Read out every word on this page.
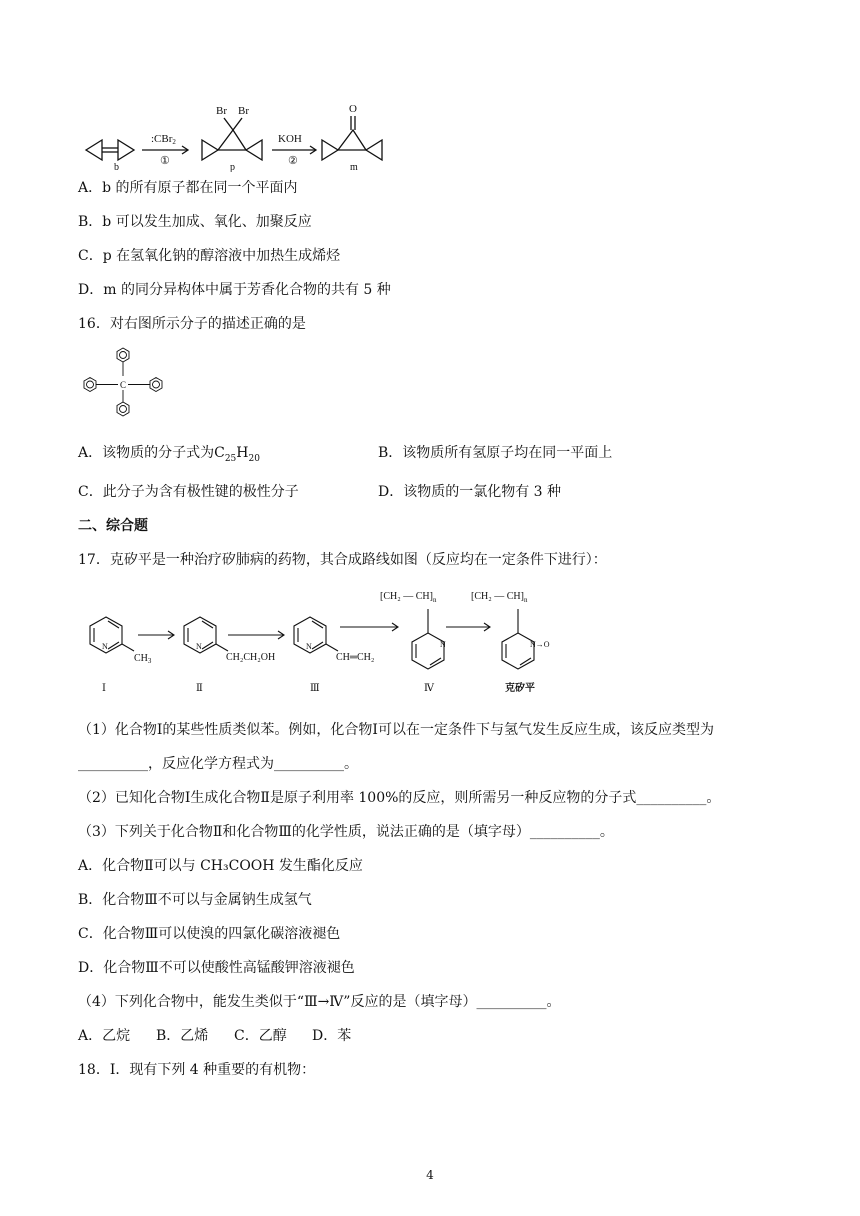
:CBr2
①
KOH
②
Br Br	O
b	p	m
A．b 的所有原子都在同一个平面内
B．b 可以发生加成、氧化、加聚反应
C．p 在氢氧化钠的醇溶液中加热生成烯烃
D．m 的同分异构体中属于芳香化合物的共有 5 种
16．对右图所示分子的描述正确的是
C
A．该物质的分子式为$C_{25}H_{20}$	B．该物质所有氢原子均在同一平面上
C．此分子为含有极性键的极性分子	D．该物质的一氯化物有 3 种
二、综合题
17．克矽平是一种治疗矽肺病的药物，其合成路线如图（反应均在一定条件下进行）：
$CH_3$	CH₂CH₂OH	CH═CH₂
N	N	N	N	N→O
[CH₂ — $CH]_n$	[CH₂ — $CH]_n$
Ⅰ	Ⅱ	Ⅲ	Ⅳ	克矽平
（1）化合物Ⅰ的某些性质类似苯。例如，化合物Ⅰ可以在一定条件下与氢气发生反应生成，该反应类型为
__________，反应化学方程式为__________。
（2）已知化合物Ⅰ生成化合物Ⅱ是原子利用率 100%的反应，则所需另一种反应物的分子式__________。
（3）下列关于化合物Ⅱ和化合物Ⅲ的化学性质，说法正确的是（填字母）__________。
A．化合物Ⅱ可以与 CH₃COOH 发生酯化反应
B．化合物Ⅲ不可以与金属钠生成氢气
C．化合物Ⅲ可以使溴的四氯化碳溶液褪色
D．化合物Ⅲ不可以使酸性高锰酸钾溶液褪色
（4）下列化合物中，能发生类似于“Ⅲ→Ⅳ”反应的是（填字母）__________。
A．乙烷 B．乙烯 C．乙醇 D．苯
18．I．现有下列 4 种重要的有机物：
4
